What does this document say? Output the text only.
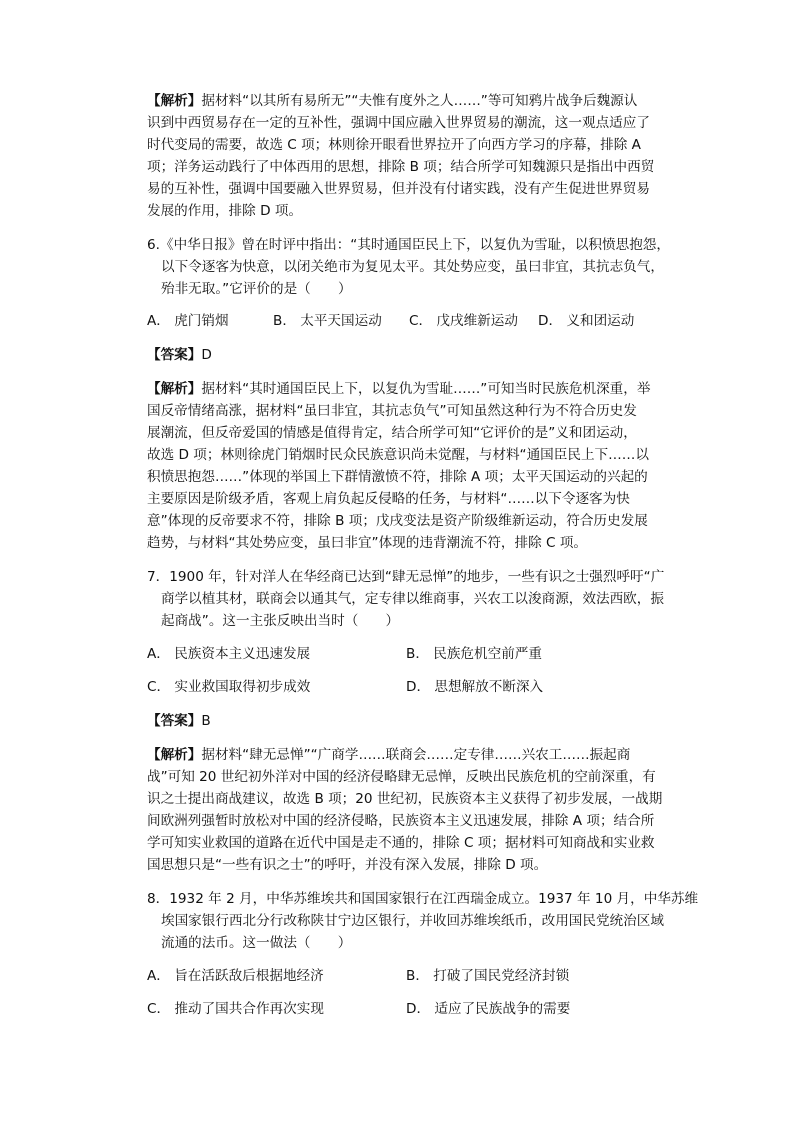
【解析】据材料“以其所有易所无”“夫惟有度外之人……”等可知鸦片战争后魏源认
识到中西贸易存在一定的互补性，强调中国应融入世界贸易的潮流，这一观点适应了
时代变局的需要，故选 C 项；林则徐开眼看世界拉开了向西方学习的序幕，排除 A
项；洋务运动践行了中体西用的思想，排除 B 项；结合所学可知魏源只是指出中西贸
易的互补性，强调中国要融入世界贸易，但并没有付诸实践，没有产生促进世界贸易
发展的作用，排除 D 项。
6.《中华日报》曾在时评中指出：“其时通国臣民上下，以复仇为雪耻，以积愤思抱怨，
以下令逐客为快意，以闭关绝市为复见太平。其处势应变，虽曰非宜，其抗志负气，
殆非无取。”它评价的是（　　）
A． 虎门销烟	B． 太平天国运动 C． 戊戌维新运动 D． 义和团运动
【答案】D
【解析】据材料“其时通国臣民上下，以复仇为雪耻……”可知当时民族危机深重，举
国反帝情绪高涨，据材料“虽曰非宜，其抗志负气”可知虽然这种行为不符合历史发
展潮流，但反帝爱国的情感是值得肯定，结合所学可知“它评价的是”义和团运动，
故选 D 项；林则徐虎门销烟时民众民族意识尚未觉醒，与材料“通国臣民上下……以
积愤思抱怨……”体现的举国上下群情激愤不符，排除 A 项；太平天国运动的兴起的
主要原因是阶级矛盾，客观上肩负起反侵略的任务，与材料“……以下令逐客为快
意”体现的反帝要求不符，排除 B 项；戊戌变法是资产阶级维新运动，符合历史发展
趋势，与材料“其处势应变，虽曰非宜”体现的违背潮流不符，排除 C 项。
7．1900 年，针对洋人在华经商已达到“肆无忌惮”的地步，一些有识之士强烈呼吁“广
商学以植其材，联商会以通其气，定专律以维商事，兴农工以浚商源，效法西欧，振
起商战”。这一主张反映出当时（　　）
A． 民族资本主义迅速发展	B． 民族危机空前严重
C． 实业救国取得初步成效	D． 思想解放不断深入
【答案】B
【解析】据材料“肆无忌惮”“广商学……联商会……定专律……兴农工……振起商
战”可知 20 世纪初外洋对中国的经济侵略肆无忌惮，反映出民族危机的空前深重，有
识之士提出商战建议，故选 B 项；20 世纪初，民族资本主义获得了初步发展，一战期
间欧洲列强暂时放松对中国的经济侵略，民族资本主义迅速发展，排除 A 项；结合所
学可知实业救国的道路在近代中国是走不通的，排除 C 项；据材料可知商战和实业救
国思想只是“一些有识之士”的呼吁，并没有深入发展，排除 D 项。
8．1932 年 2 月，中华苏维埃共和国国家银行在江西瑞金成立。1937 年 10 月，中华苏维
埃国家银行西北分行改称陕甘宁边区银行，并收回苏维埃纸币，改用国民党统治区域
流通的法币。这一做法（　　）
A． 旨在活跃敌后根据地经济	B． 打破了国民党经济封锁
C． 推动了国共合作再次实现	D． 适应了民族战争的需要
